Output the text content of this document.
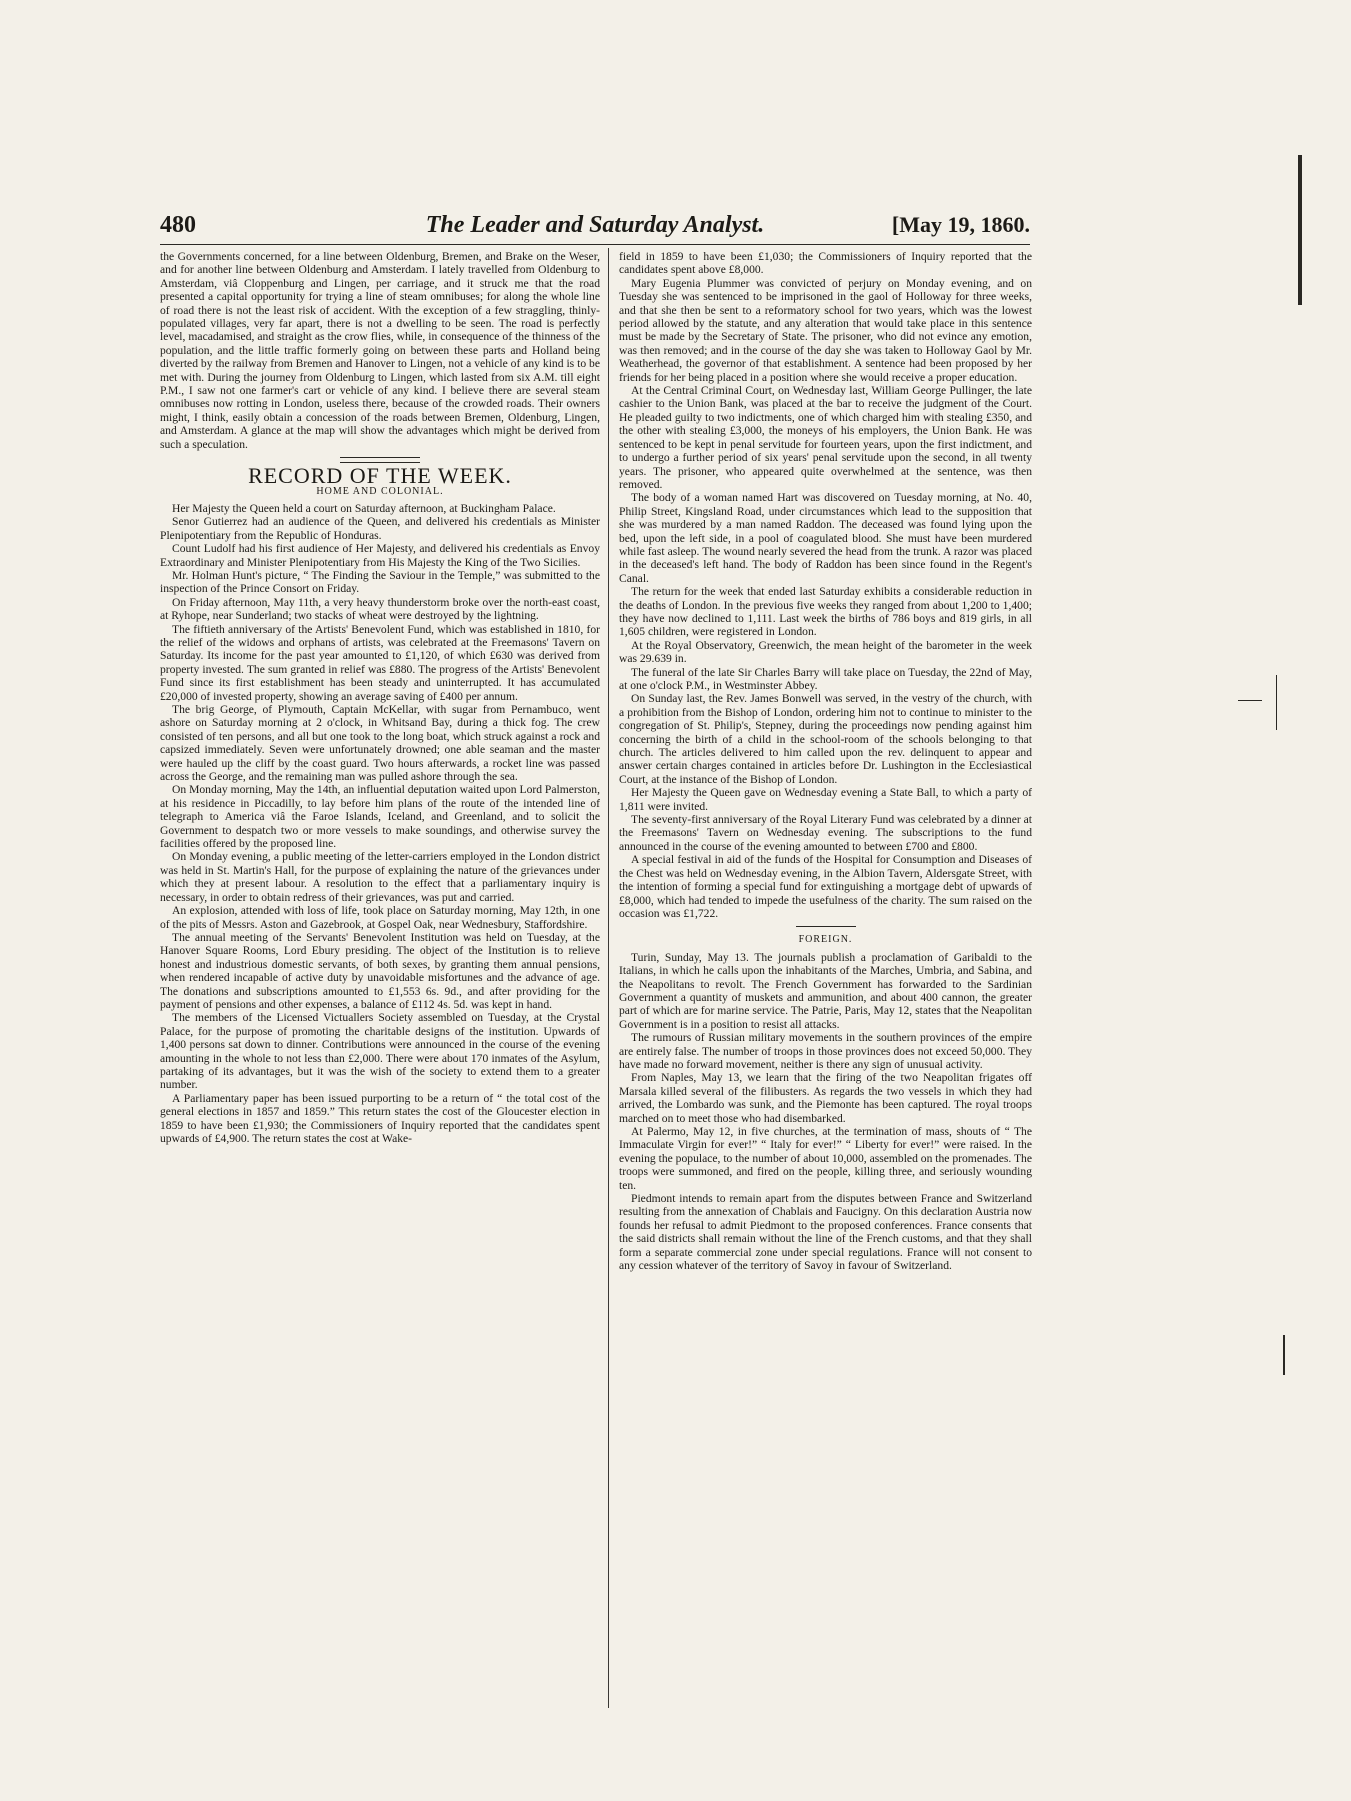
480	The Leader and Saturday Analyst.	[May 19, 1860.

the Governments concerned, for a line between Oldenburg, Bremen, and Brake on the Weser, and for another line between Oldenburg and Amsterdam. I lately travelled from Oldenburg to Amsterdam, viâ Cloppenburg and Lingen, per carriage, and it struck me that the road presented a capital opportunity for trying a line of steam omnibuses; for along the whole line of road there is not the least risk of accident. With the exception of a few straggling, thinly-populated villages, very far apart, there is not a dwelling to be seen. The road is perfectly level, macadamised, and straight as the crow flies, while, in consequence of the thinness of the population, and the little traffic formerly going on between these parts and Holland being diverted by the railway from Bremen and Hanover to Lingen, not a vehicle of any kind is to be met with. During the journey from Oldenburg to Lingen, which lasted from six A.M. till eight P.M., I saw not one farmer's cart or vehicle of any kind. I believe there are several steam omnibuses now rotting in London, useless there, because of the crowded roads. Their owners might, I think, easily obtain a concession of the roads between Bremen, Oldenburg, Lingen, and Amsterdam. A glance at the map will show the advantages which might be derived from such a speculation.

RECORD OF THE WEEK.
HOME AND COLONIAL.

Her Majesty the Queen held a court on Saturday afternoon, at Buckingham Palace.

Senor Gutierrez had an audience of the Queen, and delivered his credentials as Minister Plenipotentiary from the Republic of Honduras.

Count Ludolf had his first audience of Her Majesty, and delivered his credentials as Envoy Extraordinary and Minister Plenipotentiary from His Majesty the King of the Two Sicilies.

Mr. Holman Hunt's picture, “ The Finding the Saviour in the Temple,” was submitted to the inspection of the Prince Consort on Friday.

On Friday afternoon, May 11th, a very heavy thunderstorm broke over the north-east coast, at Ryhope, near Sunderland; two stacks of wheat were destroyed by the lightning.

The fiftieth anniversary of the Artists' Benevolent Fund, which was established in 1810, for the relief of the widows and orphans of artists, was celebrated at the Freemasons' Tavern on Saturday. Its income for the past year amounted to £1,120, of which £630 was derived from property invested. The sum granted in relief was £880. The progress of the Artists' Benevolent Fund since its first establishment has been steady and uninterrupted. It has accumulated £20,000 of invested property, showing an average saving of £400 per annum.

The brig George, of Plymouth, Captain McKellar, with sugar from Pernambuco, went ashore on Saturday morning at 2 o'clock, in Whitsand Bay, during a thick fog. The crew consisted of ten persons, and all but one took to the long boat, which struck against a rock and capsized immediately. Seven were unfortunately drowned; one able seaman and the master were hauled up the cliff by the coast guard. Two hours afterwards, a rocket line was passed across the George, and the remaining man was pulled ashore through the sea.

On Monday morning, May the 14th, an influential deputation waited upon Lord Palmerston, at his residence in Piccadilly, to lay before him plans of the route of the intended line of telegraph to America viâ the Faroe Islands, Iceland, and Greenland, and to solicit the Government to despatch two or more vessels to make soundings, and otherwise survey the facilities offered by the proposed line.

On Monday evening, a public meeting of the letter-carriers employed in the London district was held in St. Martin's Hall, for the purpose of explaining the nature of the grievances under which they at present labour. A resolution to the effect that a parliamentary inquiry is necessary, in order to obtain redress of their grievances, was put and carried.

An explosion, attended with loss of life, took place on Saturday morning, May 12th, in one of the pits of Messrs. Aston and Gazebrook, at Gospel Oak, near Wednesbury, Staffordshire.

The annual meeting of the Servants' Benevolent Institution was held on Tuesday, at the Hanover Square Rooms, Lord Ebury presiding. The object of the Institution is to relieve honest and industrious domestic servants, of both sexes, by granting them annual pensions, when rendered incapable of active duty by unavoidable misfortunes and the advance of age. The donations and subscriptions amounted to £1,553 6s. 9d., and after providing for the payment of pensions and other expenses, a balance of £112 4s. 5d. was kept in hand.

The members of the Licensed Victuallers Society assembled on Tuesday, at the Crystal Palace, for the purpose of promoting the charitable designs of the institution. Upwards of 1,400 persons sat down to dinner. Contributions were announced in the course of the evening amounting in the whole to not less than £2,000. There were about 170 inmates of the Asylum, partaking of its advantages, but it was the wish of the society to extend them to a greater number.

A Parliamentary paper has been issued purporting to be a return of “ the total cost of the general elections in 1857 and 1859.” This return states the cost of the Gloucester election in 1859 to have been £1,930; the Commissioners of Inquiry reported that the candidates spent upwards of £4,900. The return states the cost at Wake-

field in 1859 to have been £1,030; the Commissioners of Inquiry reported that the candidates spent above £8,000.

Mary Eugenia Plummer was convicted of perjury on Monday evening, and on Tuesday she was sentenced to be imprisoned in the gaol of Holloway for three weeks, and that she then be sent to a reformatory school for two years, which was the lowest period allowed by the statute, and any alteration that would take place in this sentence must be made by the Secretary of State. The prisoner, who did not evince any emotion, was then removed; and in the course of the day she was taken to Holloway Gaol by Mr. Weatherhead, the governor of that establishment. A sentence had been proposed by her friends for her being placed in a position where she would receive a proper education.

At the Central Criminal Court, on Wednesday last, William George Pullinger, the late cashier to the Union Bank, was placed at the bar to receive the judgment of the Court. He pleaded guilty to two indictments, one of which charged him with stealing £350, and the other with stealing £3,000, the moneys of his employers, the Union Bank. He was sentenced to be kept in penal servitude for fourteen years, upon the first indictment, and to undergo a further period of six years' penal servitude upon the second, in all twenty years. The prisoner, who appeared quite overwhelmed at the sentence, was then removed.

The body of a woman named Hart was discovered on Tuesday morning, at No. 40, Philip Street, Kingsland Road, under circumstances which lead to the supposition that she was murdered by a man named Raddon. The deceased was found lying upon the bed, upon the left side, in a pool of coagulated blood. She must have been murdered while fast asleep. The wound nearly severed the head from the trunk. A razor was placed in the deceased's left hand. The body of Raddon has been since found in the Regent's Canal.

The return for the week that ended last Saturday exhibits a considerable reduction in the deaths of London. In the previous five weeks they ranged from about 1,200 to 1,400; they have now declined to 1,111. Last week the births of 786 boys and 819 girls, in all 1,605 children, were registered in London.

At the Royal Observatory, Greenwich, the mean height of the barometer in the week was 29.639 in.

The funeral of the late Sir Charles Barry will take place on Tuesday, the 22nd of May, at one o'clock P.M., in Westminster Abbey.

On Sunday last, the Rev. James Bonwell was served, in the vestry of the church, with a prohibition from the Bishop of London, ordering him not to continue to minister to the congregation of St. Philip's, Stepney, during the proceedings now pending against him concerning the birth of a child in the school-room of the schools belonging to that church. The articles delivered to him called upon the rev. delinquent to appear and answer certain charges contained in articles before Dr. Lushington in the Ecclesiastical Court, at the instance of the Bishop of London.

Her Majesty the Queen gave on Wednesday evening a State Ball, to which a party of 1,811 were invited.

The seventy-first anniversary of the Royal Literary Fund was celebrated by a dinner at the Freemasons' Tavern on Wednesday evening. The subscriptions to the fund announced in the course of the evening amounted to between £700 and £800.

A special festival in aid of the funds of the Hospital for Consumption and Diseases of the Chest was held on Wednesday evening, in the Albion Tavern, Aldersgate Street, with the intention of forming a special fund for extinguishing a mortgage debt of upwards of £8,000, which had tended to impede the usefulness of the charity. The sum raised on the occasion was £1,722.

FOREIGN.

Turin, Sunday, May 13. The journals publish a proclamation of Garibaldi to the Italians, in which he calls upon the inhabitants of the Marches, Umbria, and Sabina, and the Neapolitans to revolt. The French Government has forwarded to the Sardinian Government a quantity of muskets and ammunition, and about 400 cannon, the greater part of which are for marine service. The Patrie, Paris, May 12, states that the Neapolitan Government is in a position to resist all attacks.

The rumours of Russian military movements in the southern provinces of the empire are entirely false. The number of troops in those provinces does not exceed 50,000. They have made no forward movement, neither is there any sign of unusual activity.

From Naples, May 13, we learn that the firing of the two Neapolitan frigates off Marsala killed several of the filibusters. As regards the two vessels in which they had arrived, the Lombardo was sunk, and the Piemonte has been captured. The royal troops marched on to meet those who had disembarked.

At Palermo, May 12, in five churches, at the termination of mass, shouts of “ The Immaculate Virgin for ever!” “ Italy for ever!” “ Liberty for ever!” were raised. In the evening the populace, to the number of about 10,000, assembled on the promenades. The troops were summoned, and fired on the people, killing three, and seriously wounding ten.

Piedmont intends to remain apart from the disputes between France and Switzerland resulting from the annexation of Chablais and Faucigny. On this declaration Austria now founds her refusal to admit Piedmont to the proposed conferences. France consents that the said districts shall remain without the line of the French customs, and that they shall form a separate commercial zone under special regulations. France will not consent to any cession whatever of the territory of Savoy in favour of Switzerland.
